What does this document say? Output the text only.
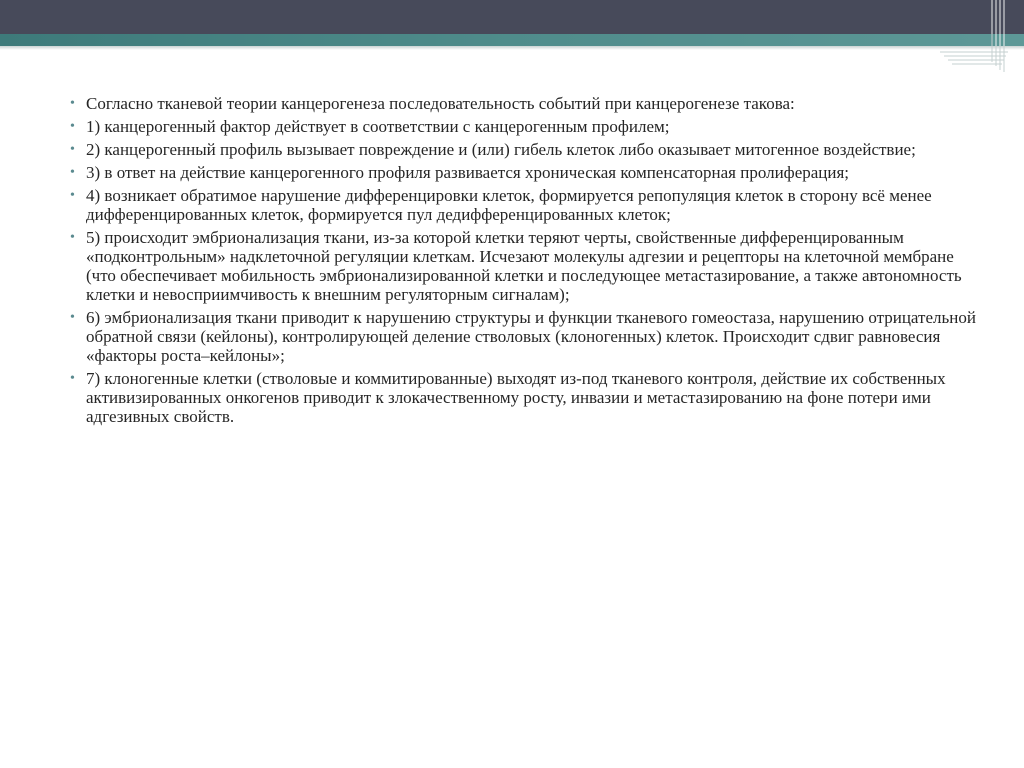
• Согласно тканевой теории канцерогенеза последовательность событий при канцерогенезе такова:
• 1) канцерогенный фактор действует в соответствии с канцерогенным профилем;
• 2) канцерогенный профиль вызывает повреждение и (или) гибель клеток либо оказывает митогенное воздействие;
• 3) в ответ на действие канцерогенного профиля развивается хроническая компенсаторная пролиферация;
• 4) возникает обратимое нарушение дифференцировки клеток, формируется репопуляция клеток в сторону всё менее дифференцированных клеток, формируется пул дедифференцированных клеток;
• 5) происходит эмбрионализация ткани, из-за которой клетки теряют черты, свойственные дифференцированным «подконтрольным» надклеточной регуляции клеткам. Исчезают молекулы адгезии и рецепторы на клеточной мембране (что обеспечивает мобильность эмбрионализированной клетки и последующее метастазирование, а также автономность клетки и невосприимчивость к внешним регуляторным сигналам);
• 6) эмбрионализация ткани приводит к нарушению структуры и функции тканевого гомеостаза, нарушению отрицательной обратной связи (кейлоны), контролирующей деление стволовых (клоногенных) клеток. Происходит сдвиг равновесия «факторы роста–кейлоны»;
• 7) клоногенные клетки (стволовые и коммитированные) выходят из-под тканевого контроля, действие их собственных активизированных онкогенов приводит к злокачественному росту, инвазии и метастазированию на фоне потери ими адгезивных свойств.
